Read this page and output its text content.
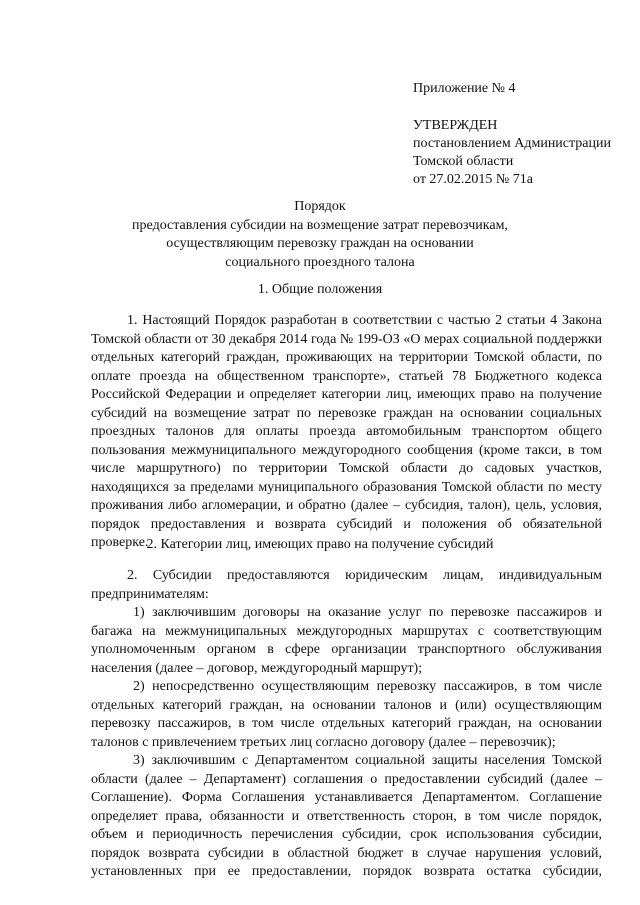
Приложение № 4
УТВЕРЖДЕН
постановлением Администрации
Томской области
от 27.02.2015 № 71а
Порядок
предоставления субсидии на возмещение затрат перевозчикам,
осуществляющим перевозку граждан на основании
социального проездного талона
1. Общие положения

1. Настоящий Порядок разработан в соответствии с частью 2 статьи 4 Закона Томской области от 30 декабря 2014 года № 199-ОЗ «О мерах социальной поддержки отдельных категорий граждан, проживающих на территории Томской области, по оплате проезда на общественном транспорте», статьей 78 Бюджетного кодекса Российской Федерации и определяет категории лиц, имеющих право на получение субсидий на возмещение затрат по перевозке граждан на основании социальных проездных талонов для оплаты проезда автомобильным транспортом общего пользования межмуниципального междугородного сообщения (кроме такси, в том числе маршрутного) по территории Томской области до садовых участков, находящихся за пределами муниципального образования Томской области по месту проживания либо агломерации, и обратно (далее – субсидия, талон), цель, условия, порядок предоставления и возврата субсидий и положения об обязательной проверке.

2. Категории лиц, имеющих право на получение субсидий

2. Субсидии предоставляются юридическим лицам, индивидуальным предпринимателям:

1) заключившим договоры на оказание услуг по перевозке пассажиров и багажа на межмуниципальных междугородных маршрутах с соответствующим уполномоченным органом в сфере организации транспортного обслуживания населения (далее – договор, междугородный маршрут);

2) непосредственно осуществляющим перевозку пассажиров, в том числе отдельных категорий граждан, на основании талонов и (или) осуществляющим перевозку пассажиров, в том числе отдельных категорий граждан, на основании талонов с привлечением третьих лиц согласно договору (далее – перевозчик);

3) заключившим с Департаментом социальной защиты населения Томской области (далее – Департамент) соглашения о предоставлении субсидий (далее – Соглашение). Форма Соглашения устанавливается Департаментом. Соглашение определяет права, обязанности и ответственность сторон, в том числе порядок, объем и периодичность перечисления субсидии, срок использования субсидии, порядок возврата субсидии в областной бюджет в случае нарушения условий, установленных при ее предоставлении, порядок возврата остатка субсидии,
